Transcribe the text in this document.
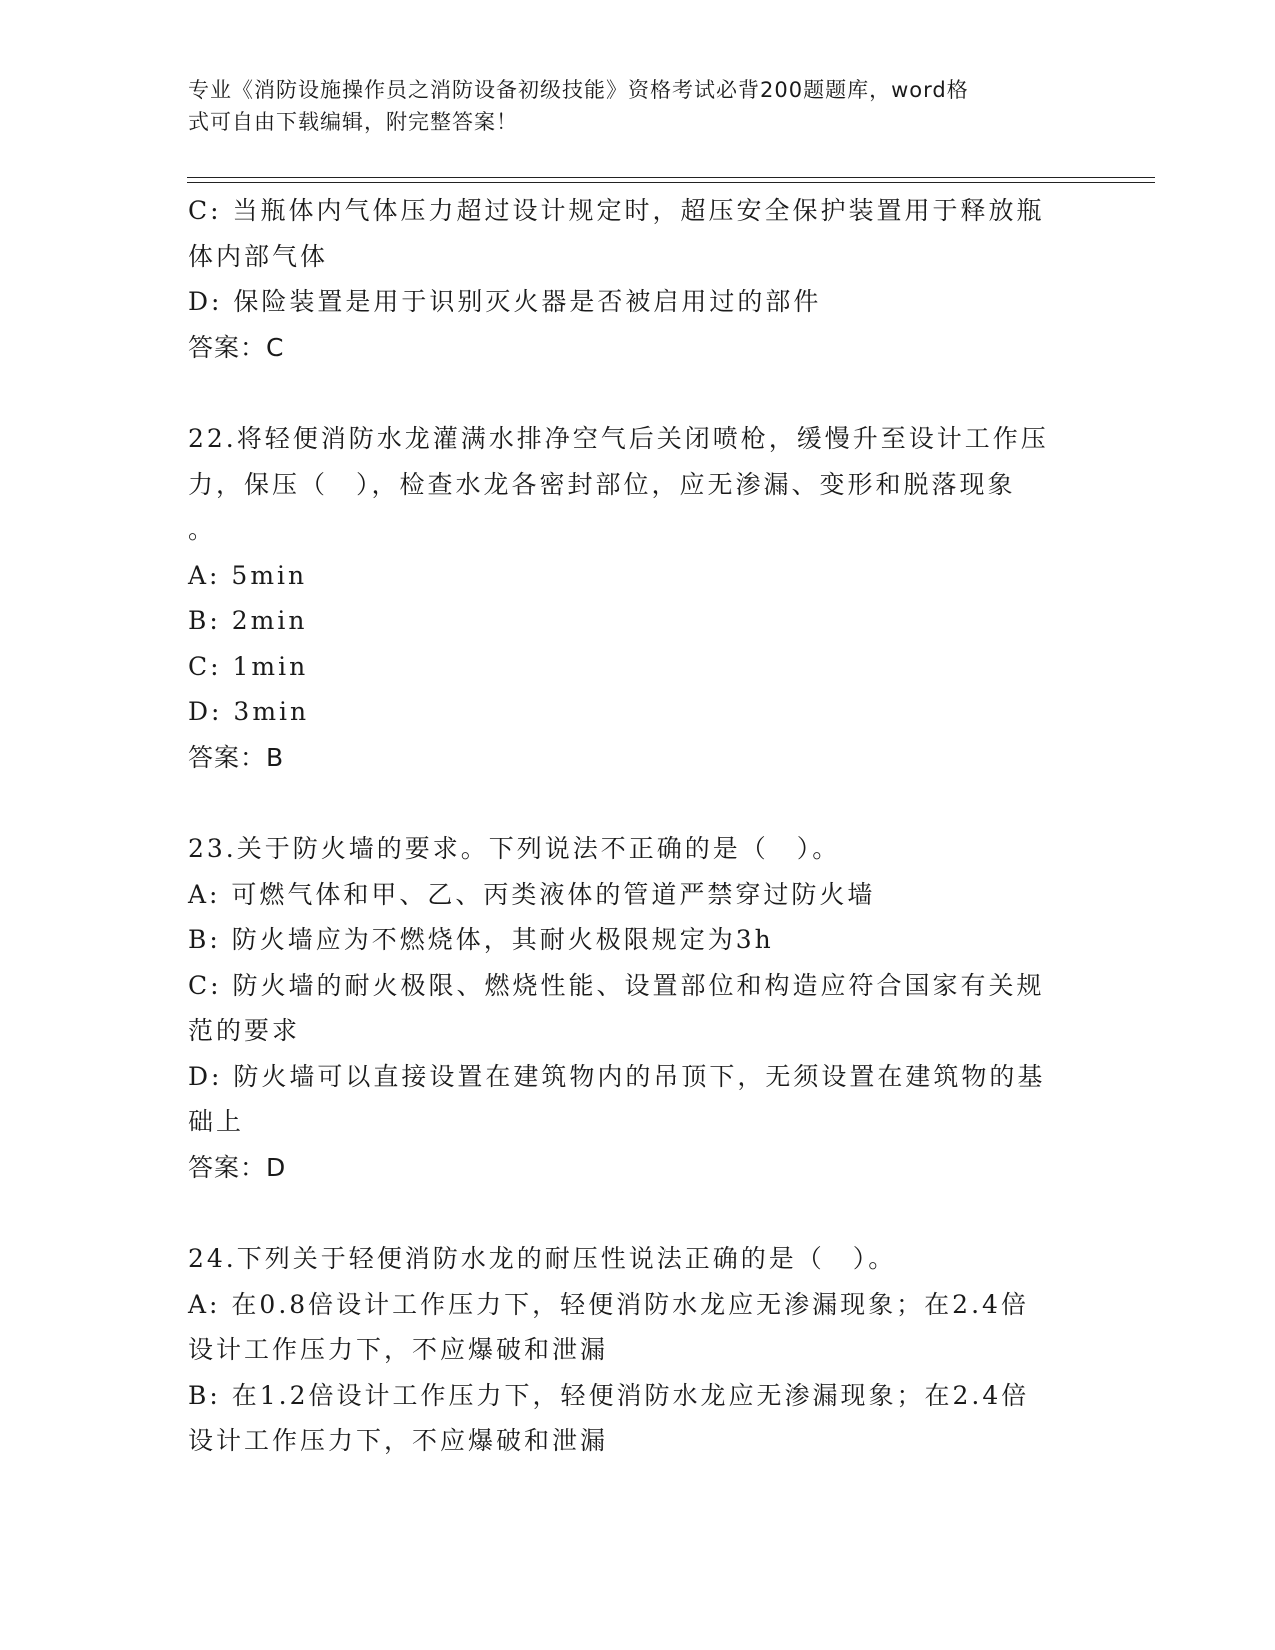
专业《消防设施操作员之消防设备初级技能》资格考试必背200题题库，word格
式可自由下载编辑，附完整答案！
C: 当瓶体内气体压力超过设计规定时，超压安全保护装置用于释放瓶
体内部气体
D: 保险装置是用于识别灭火器是否被启用过的部件
答案：C
22.将轻便消防水龙灌满水排净空气后关闭喷枪，缓慢升至设计工作压
力，保压（　），检查水龙各密封部位，应无渗漏、变形和脱落现象
。
A: 5min
B: 2min
C: 1min
D: 3min
答案：B
23.关于防火墙的要求。下列说法不正确的是（　）。
A: 可燃气体和甲、乙、丙类液体的管道严禁穿过防火墙
B: 防火墙应为不燃烧体，其耐火极限规定为3h
C: 防火墙的耐火极限、燃烧性能、设置部位和构造应符合国家有关规
范的要求
D: 防火墙可以直接设置在建筑物内的吊顶下，无须设置在建筑物的基
础上
答案：D
24.下列关于轻便消防水龙的耐压性说法正确的是（　）。
A: 在0.8倍设计工作压力下，轻便消防水龙应无渗漏现象；在2.4倍
设计工作压力下，不应爆破和泄漏
B: 在1.2倍设计工作压力下，轻便消防水龙应无渗漏现象；在2.4倍
设计工作压力下，不应爆破和泄漏
